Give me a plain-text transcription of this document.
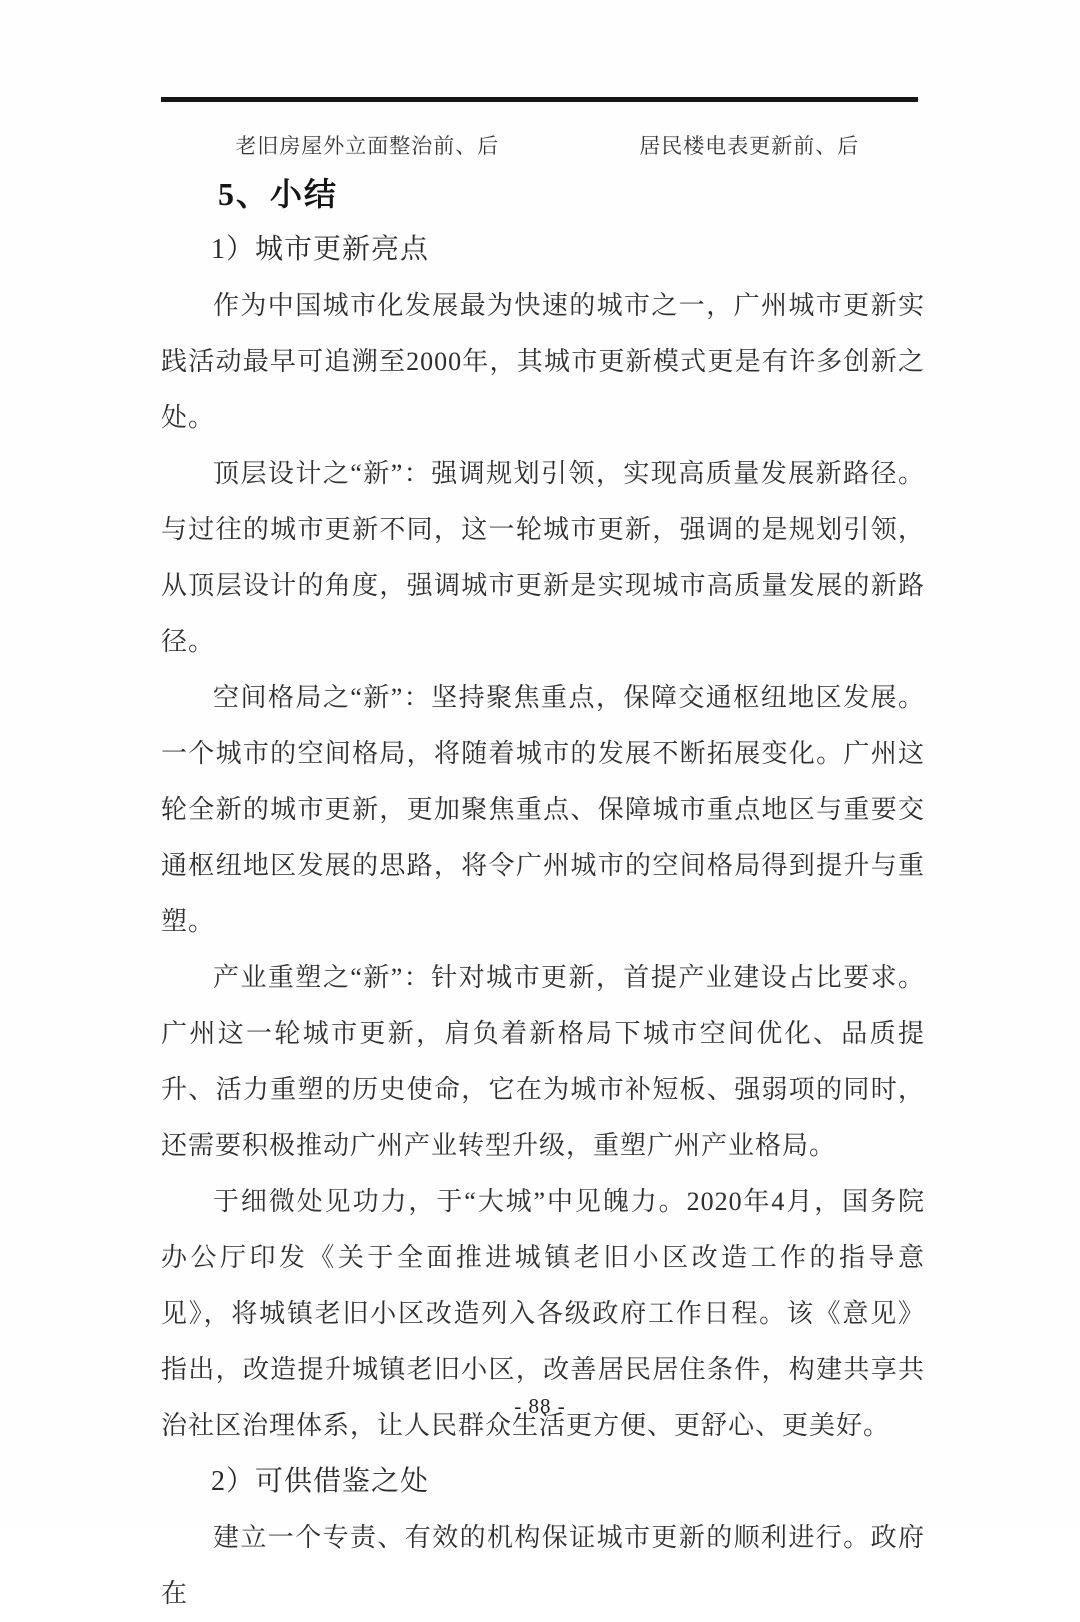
老旧房屋外立面整治前、后	居民楼电表更新前、后
5、小结
1）城市更新亮点

作为中国城市化发展最为快速的城市之一，广州城市更新实践活动最早可追溯至2000年，其城市更新模式更是有许多创新之处。

顶层设计之“新”：强调规划引领，实现高质量发展新路径。与过往的城市更新不同，这一轮城市更新，强调的是规划引领，从顶层设计的角度，强调城市更新是实现城市高质量发展的新路径。

空间格局之“新”：坚持聚焦重点，保障交通枢纽地区发展。一个城市的空间格局，将随着城市的发展不断拓展变化。广州这轮全新的城市更新，更加聚焦重点、保障城市重点地区与重要交通枢纽地区发展的思路，将令广州城市的空间格局得到提升与重塑。

产业重塑之“新”：针对城市更新，首提产业建设占比要求。广州这一轮城市更新，肩负着新格局下城市空间优化、品质提升、活力重塑的历史使命，它在为城市补短板、强弱项的同时，还需要积极推动广州产业转型升级，重塑广州产业格局。

于细微处见功力，于“大城”中见魄力。2020年4月，国务院办公厅印发《关于全面推进城镇老旧小区改造工作的指导意见》，将城镇老旧小区改造列入各级政府工作日程。该《意见》指出，改造提升城镇老旧小区，改善居民居住条件，构建共享共治社区治理体系，让人民群众生活更方便、更舒心、更美好。

2）可供借鉴之处

建立一个专责、有效的机构保证城市更新的顺利进行。政府在

- 88 -
